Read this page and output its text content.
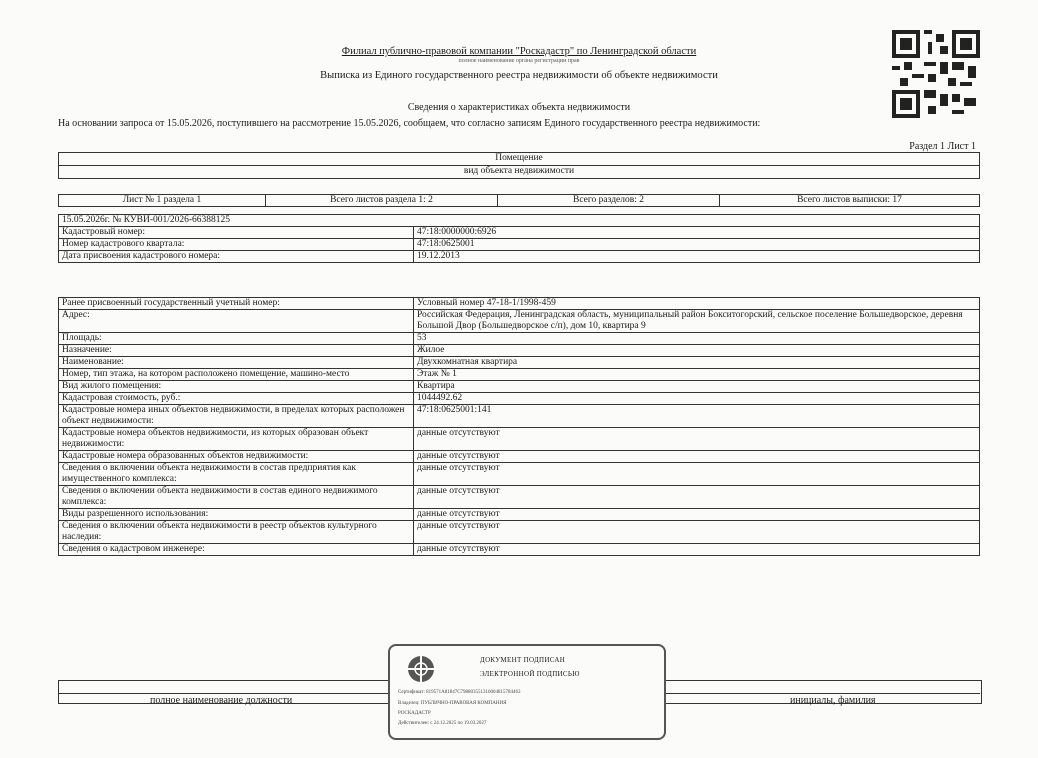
Филиал публично-правовой компании "Роскадастр" по Ленинградской области
полное наименование органа регистрации прав
Выписка из Единого государственного реестра недвижимости об объекте недвижимости
Сведения о характеристиках объекта недвижимости
На основании запроса от 15.05.2026, поступившего на рассмотрение 15.05.2026, сообщаем, что согласно записям Единого государственного реестра недвижимости:
Раздел 1 Лист 1
Помещение
вид объекта недвижимости
Лист № 1 раздела 1	Всего листов раздела 1: 2	Всего разделов: 2	Всего листов выписки: 17
15.05.2026г. № КУВИ-001/2026-66388125	
Кадастровый номер:	47:18:0000000:6926
Номер кадастрового квартала:	47:18:0625001
Дата присвоения кадастрового номера:	19.12.2013
Ранее присвоенный государственный учетный номер:	Условный номер 47-18-1/1998-459
Адрес:	Российская Федерация, Ленинградская область, муниципальный район Бокситогорский, сельское поселение Большедворское, деревня Большой Двор (Большедворское с/п), дом 10, квартира 9
Площадь:	53
Назначение:	Жилое
Наименование:	Двухкомнатная квартира
Номер, тип этажа, на котором расположено помещение, машино-место	Этаж № 1
Вид жилого помещения:	Квартира
Кадастровая стоимость, руб.:	1044492.62
Кадастровые номера иных объектов недвижимости, в пределах которых расположен объект недвижимости:	47:18:0625001:141
Кадастровые номера объектов недвижимости, из которых образован объект недвижимости:	данные отсутствуют
Кадастровые номера образованных объектов недвижимости:	данные отсутствуют
Сведения о включении объекта недвижимости в состав предприятия как имущественного комплекса:	данные отсутствуют
Сведения о включении объекта недвижимости в состав единого недвижимого комплекса:	данные отсутствуют
Виды разрешенного использования:	данные отсутствуют
Сведения о включении объекта недвижимости в реестр объектов культурного наследия:	данные отсутствуют
Сведения о кадастровом инженере:	данные отсутствуют
полное наименование должности	инициалы, фамилия
ДОКУМЕНТ ПОДПИСАН
ЭЛЕКТРОННОЙ ПОДПИСЬЮ
Сертификат: 819571A81847C798803551316004815784463
Владелец: ПУБЛИЧНО-ПРАВОВАЯ КОМПАНИЯ
РОСКАДАСТР
Действителен: с 24.12.2025 по 19.03.2027
